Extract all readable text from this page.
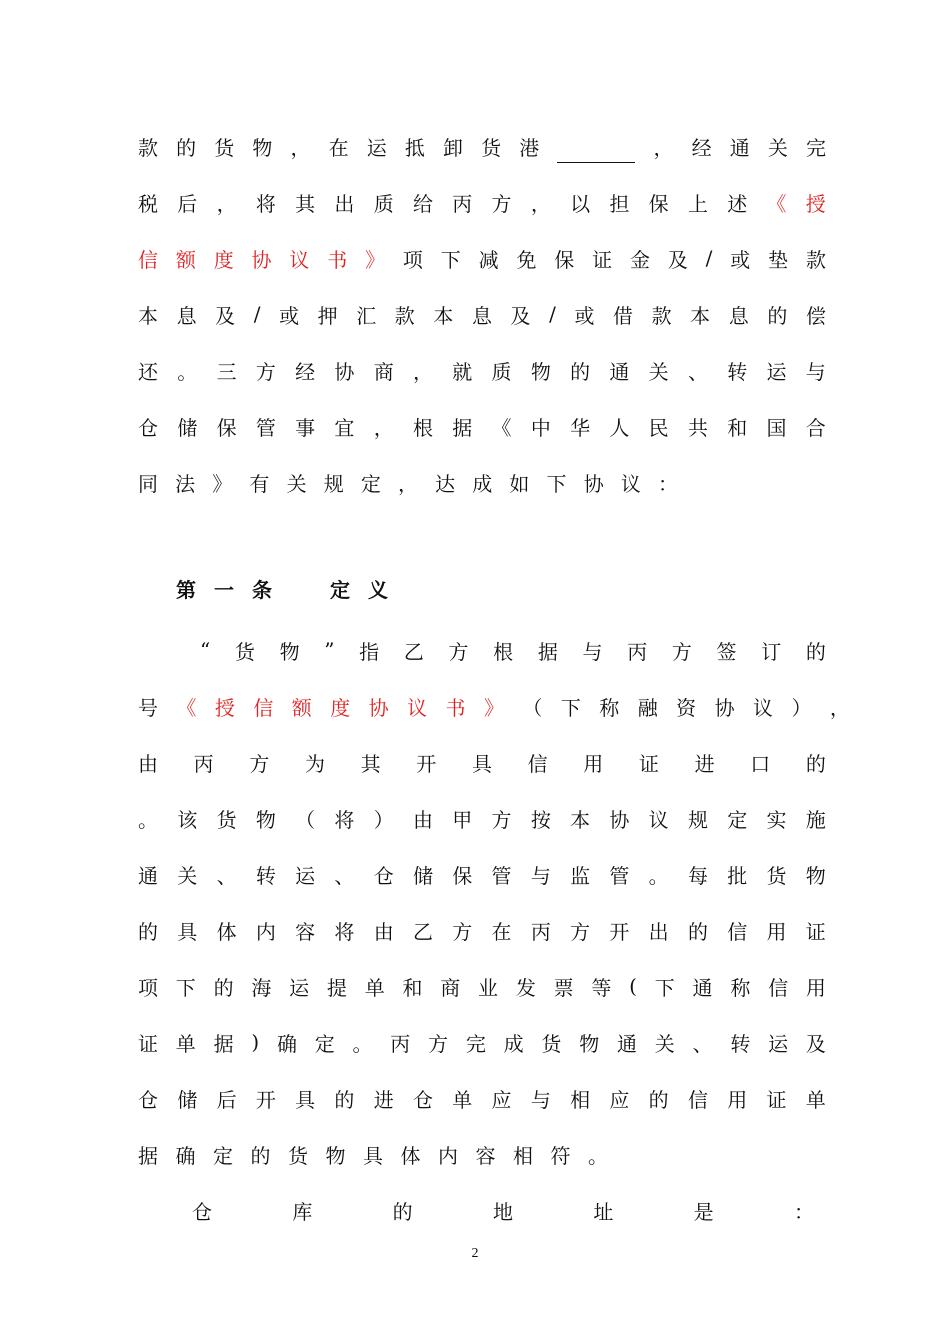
款 的 货 物 ， 在 运 抵 卸 货 港	， 经 通 关 完
税 后 ， 将 其 出 质 给 丙 方 ， 以 担 保 上 述 《 授
信 额 度 协 议 书 》 项 下 减 免 保 证 金 及 / 或 垫 款
本 息 及 / 或 押 汇 款 本 息 及 / 或 借 款 本 息 的 偿
还 。 三 方 经 协 商 ， 就 质 物 的 通 关 、 转 运 与
仓 储 保 管 事 宜 ， 根 据 《 中 华 人 民 共 和 国 合
同 法 》 有 关 规 定 ， 达 成 如 下 协 议 ：
第 一 条	定 义
“ 货 物 ” 指 乙 方 根 据 与 丙 方 签 订 的
号 《 授 信 额 度 协 议 书 》 （ 下 称 融 资 协 议 ） ，
由 丙 方 为 其 开 具 信 用 证 进 口 的
。 该 货 物 （ 将 ） 由 甲 方 按 本 协 议 规 定 实 施
通 关 、 转 运 、 仓 储 保 管 与 监 管 。 每 批 货 物
的 具 体 内 容 将 由 乙 方 在 丙 方 开 出 的 信 用 证
项 下 的 海 运 提 单 和 商 业 发 票 等 ( 下 通 称 信 用
证 单 据 ) 确 定 。 丙 方 完 成 货 物 通 关 、 转 运 及
仓 储 后 开 具 的 进 仓 单 应 与 相 应 的 信 用 证 单
据 确 定 的 货 物 具 体 内 容 相 符 。
仓	库	的	地	址	是	：
2
